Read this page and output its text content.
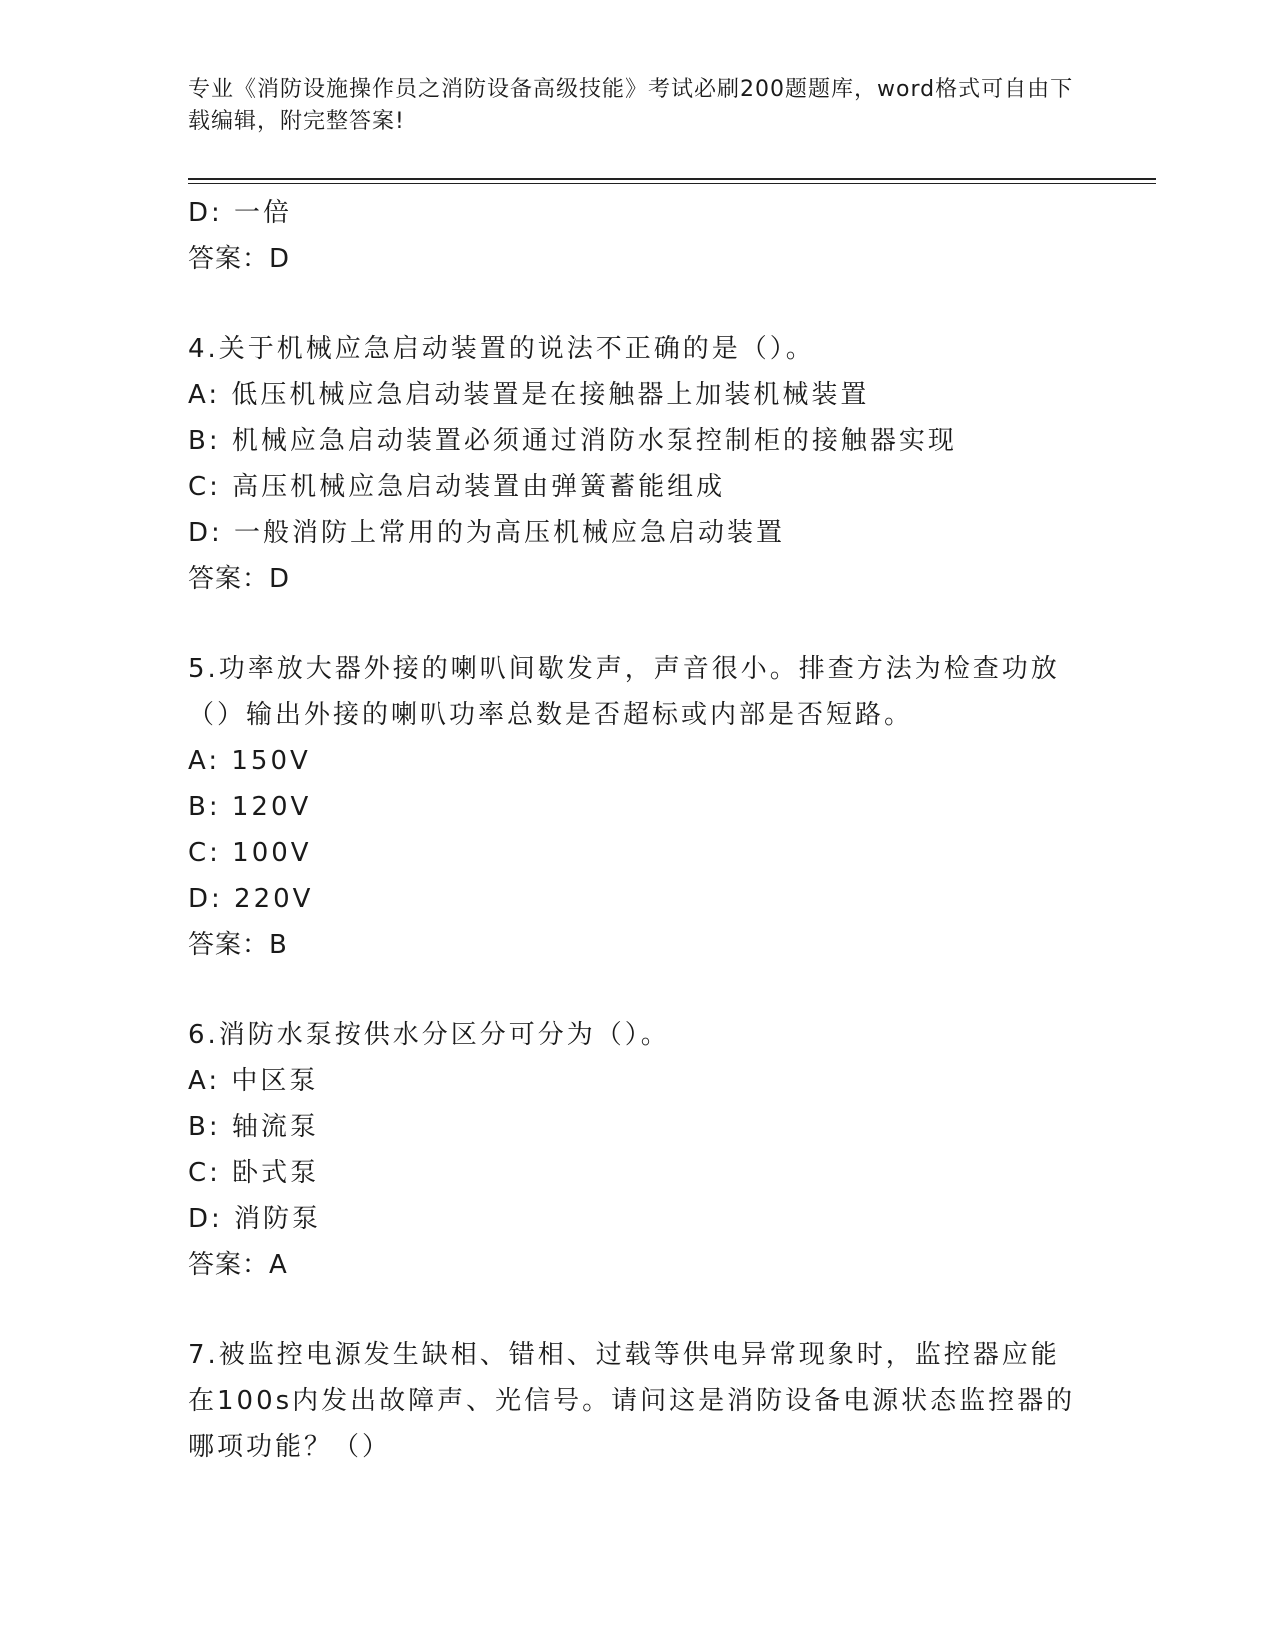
专业《消防设施操作员之消防设备高级技能》考试必刷200题题库，word格式可自由下载编辑，附完整答案!
D: 一倍
答案：D
4.关于机械应急启动装置的说法不正确的是（）。
A: 低压机械应急启动装置是在接触器上加装机械装置
B: 机械应急启动装置必须通过消防水泵控制柜的接触器实现
C: 高压机械应急启动装置由弹簧蓄能组成
D: 一般消防上常用的为高压机械应急启动装置
答案：D
5.功率放大器外接的喇叭间歇发声，声音很小。排查方法为检查功放
（）输出外接的喇叭功率总数是否超标或内部是否短路。
A: 150V
B: 120V
C: 100V
D: 220V
答案：B
6.消防水泵按供水分区分可分为（）。
A: 中区泵
B: 轴流泵
C: 卧式泵
D: 消防泵
答案：A
7.被监控电源发生缺相、错相、过载等供电异常现象时，监控器应能
在100s内发出故障声、光信号。请问这是消防设备电源状态监控器的
哪项功能？（）
